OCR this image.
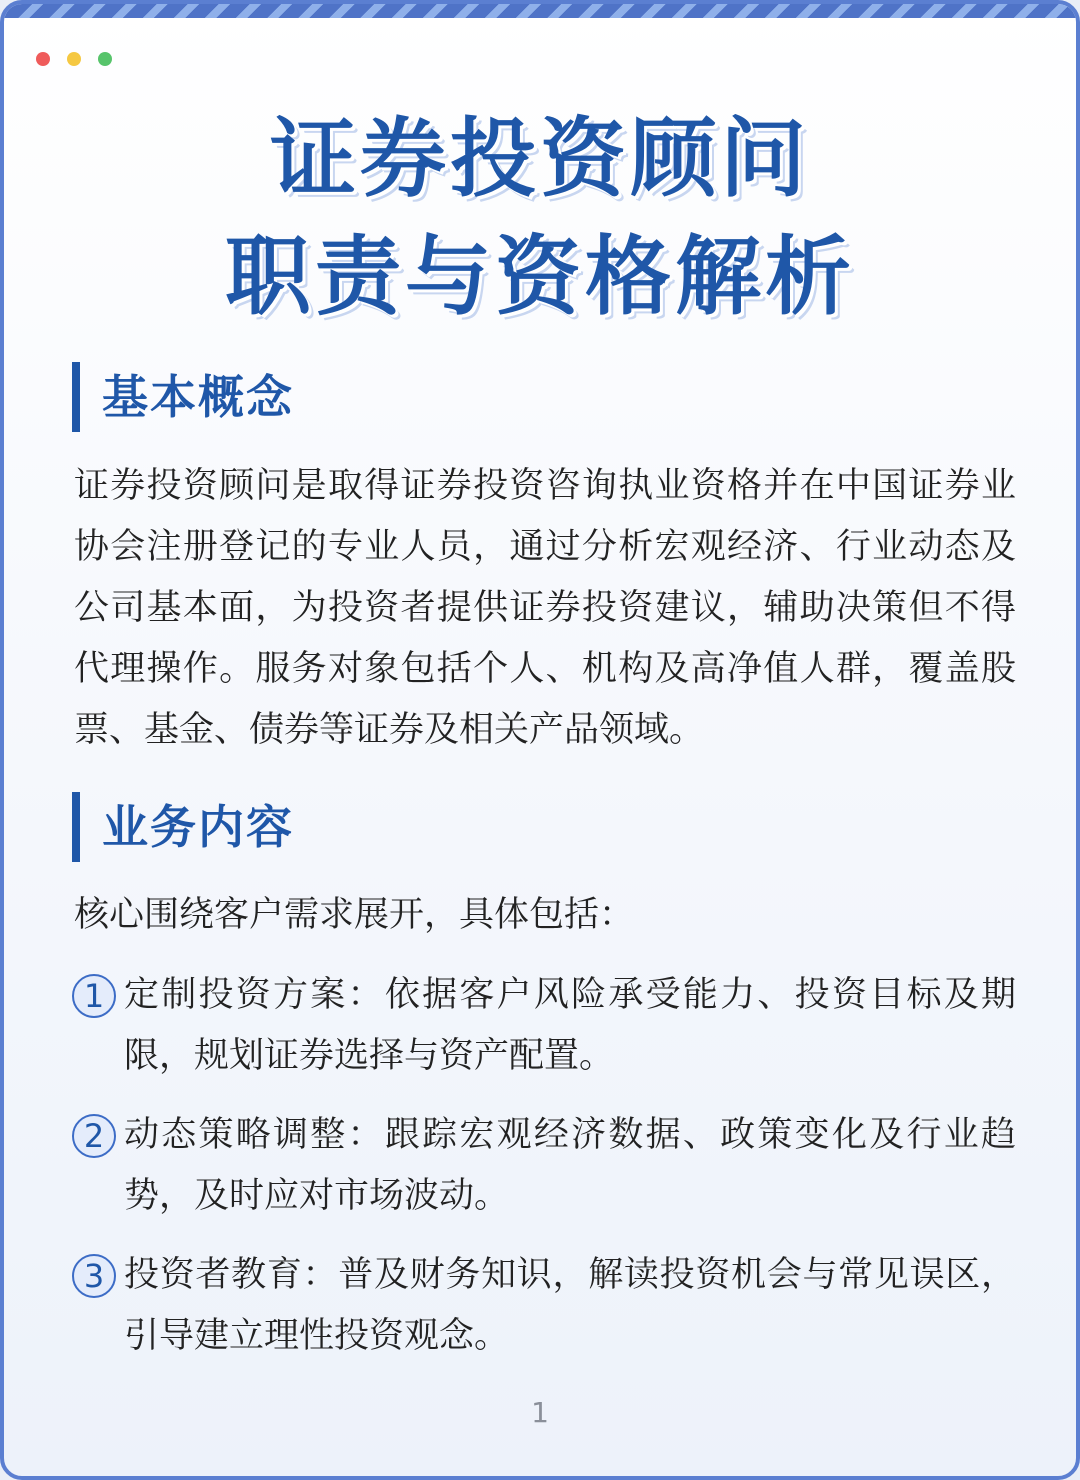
证券投资顾问
职责与资格解析
基本概念
证券投资顾问是取得证券投资咨询执业资格并在中国证券业协会注册登记的专业人员，通过分析宏观经济、行业动态及公司基本面，为投资者提供证券投资建议，辅助决策但不得代理操作。服务对象包括个人、机构及高净值人群，覆盖股票、基金、债券等证券及相关产品领域。
业务内容
核心围绕客户需求展开，具体包括：
1 定制投资方案：依据客户风险承受能力、投资目标及期限，规划证券选择与资产配置。
2 动态策略调整：跟踪宏观经济数据、政策变化及行业趋势，及时应对市场波动。
3 投资者教育：普及财务知识，解读投资机会与常见误区，引导建立理性投资观念。
1
